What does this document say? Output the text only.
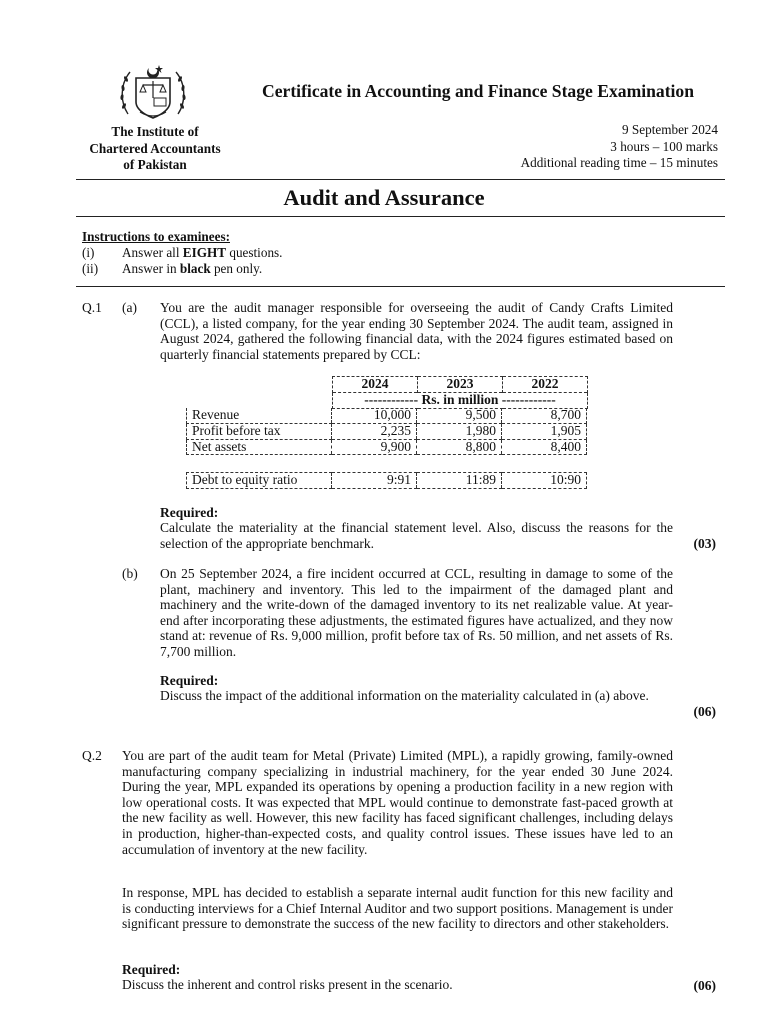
Certificate in Accounting and Finance Stage Examination
The Institute of
Chartered Accountants
of Pakistan
9 September 2024
3 hours – 100 marks
Additional reading time – 15 minutes
Audit and Assurance
Instructions to examinees:
(i)	Answer all EIGHT questions.
(ii)	Answer in black pen only.
Q.1 (a) You are the audit manager responsible for overseeing the audit of Candy Crafts Limited (CCL), a listed company, for the year ending 30 September 2024. The audit team, assigned in August 2024, gathered the following financial data, with the 2024 figures estimated based on quarterly financial statements prepared by CCL:
2024	2023	2022
------------ Rs. in million ------------
Revenue	10,000	9,500	8,700
Profit before tax	2,235	1,980	1,905
Net assets	9,900	8,800	8,400
Debt to equity ratio	9:91	11:89	10:90
Required:
Calculate the materiality at the financial statement level. Also, discuss the reasons for the selection of the appropriate benchmark.	(03)
(b) On 25 September 2024, a fire incident occurred at CCL, resulting in damage to some of the plant, machinery and inventory. This led to the impairment of the damaged plant and machinery and the write-down of the damaged inventory to its net realizable value. At year-end after incorporating these adjustments, the estimated figures have actualized, and they now stand at: revenue of Rs. 9,000 million, profit before tax of Rs. 50 million, and net assets of Rs. 7,700 million.
Required:
Discuss the impact of the additional information on the materiality calculated in (a) above.
(06)
Q.2 You are part of the audit team for Metal (Private) Limited (MPL), a rapidly growing, family-owned manufacturing company specializing in industrial machinery, for the year ended 30 June 2024. During the year, MPL expanded its operations by opening a production facility in a new region with low operational costs. It was expected that MPL would continue to demonstrate fast-paced growth at the new facility as well. However, this new facility has faced significant challenges, including delays in production, higher-than-expected costs, and quality control issues. These issues have led to an accumulation of inventory at the new facility.
In response, MPL has decided to establish a separate internal audit function for this new facility and is conducting interviews for a Chief Internal Auditor and two support positions. Management is under significant pressure to demonstrate the success of the new facility to directors and other stakeholders.
Required:
Discuss the inherent and control risks present in the scenario.	(06)
